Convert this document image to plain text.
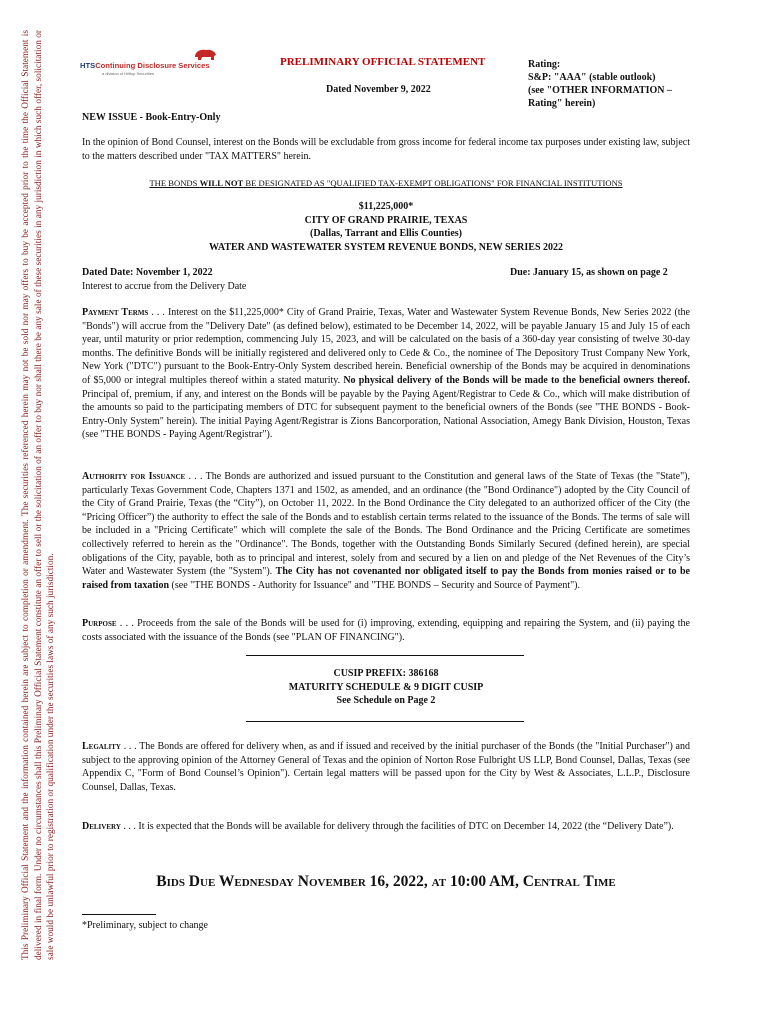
This Preliminary Official Statement and the information contained herein are subject to completion or amendment. The securities referenced herein may not be sold nor may offers to buy be accepted prior to the time the Official Statement is delivered in final form. Under no circumstances shall this Preliminary Official Statement constitute an offer to sell or the solicitation of an offer to buy nor shall there be any sale of these securities in any jurisdiction in which such offer, solicitation or sale would be unlawful prior to registration or qualification under the securities laws of any such jurisdiction.
HTSContinuing Disclosure Services
a division of Hilltop Securities
PRELIMINARY OFFICIAL STATEMENT
Dated November 9, 2022
Rating:
S&P: "AAA" (stable outlook)
(see "OTHER INFORMATION –
Rating" herein)
NEW ISSUE - Book-Entry-Only
In the opinion of Bond Counsel, interest on the Bonds will be excludable from gross income for federal income tax purposes under existing law, subject to the matters described under "TAX MATTERS" herein.
THE BONDS WILL NOT BE DESIGNATED AS "QUALIFIED TAX-EXEMPT OBLIGATIONS" FOR FINANCIAL INSTITUTIONS
$11,225,000*
CITY OF GRAND PRAIRIE, TEXAS
(Dallas, Tarrant and Ellis Counties)
WATER AND WASTEWATER SYSTEM REVENUE BONDS, NEW SERIES 2022
Dated Date: November 1, 2022
Interest to accrue from the Delivery Date
Due: January 15, as shown on page 2
Payment Terms . . . Interest on the $11,225,000* City of Grand Prairie, Texas, Water and Wastewater System Revenue Bonds, New Series 2022 (the "Bonds") will accrue from the "Delivery Date" (as defined below), estimated to be December 14, 2022, will be payable January 15 and July 15 of each year, until maturity or prior redemption, commencing July 15, 2023, and will be calculated on the basis of a 360-day year consisting of twelve 30-day months. The definitive Bonds will be initially registered and delivered only to Cede & Co., the nominee of The Depository Trust Company New York, New York ("DTC") pursuant to the Book-Entry-Only System described herein. Beneficial ownership of the Bonds may be acquired in denominations of $5,000 or integral multiples thereof within a stated maturity. No physical delivery of the Bonds will be made to the beneficial owners thereof. Principal of, premium, if any, and interest on the Bonds will be payable by the Paying Agent/Registrar to Cede & Co., which will make distribution of the amounts so paid to the participating members of DTC for subsequent payment to the beneficial owners of the Bonds (see "THE BONDS - Book-Entry-Only System" herein). The initial Paying Agent/Registrar is Zions Bancorporation, National Association, Amegy Bank Division, Houston, Texas (see "THE BONDS - Paying Agent/Registrar").
Authority for Issuance . . . The Bonds are authorized and issued pursuant to the Constitution and general laws of the State of Texas (the "State"), particularly Texas Government Code, Chapters 1371 and 1502, as amended, and an ordinance (the "Bond Ordinance") adopted by the City Council of the City of Grand Prairie, Texas (the “City”), on October 11, 2022. In the Bond Ordinance the City delegated to an authorized officer of the City (the “Pricing Officer”) the authority to effect the sale of the Bonds and to establish certain terms related to the issuance of the Bonds. The terms of sale will be included in a "Pricing Certificate" which will complete the sale of the Bonds. The Bond Ordinance and the Pricing Certificate are sometimes collectively referred to herein as the "Ordinance". The Bonds, together with the Outstanding Bonds Similarly Secured (defined herein), are special obligations of the City, payable, both as to principal and interest, solely from and secured by a lien on and pledge of the Net Revenues of the City’s Water and Wastewater System (the "System"). The City has not covenanted nor obligated itself to pay the Bonds from monies raised or to be raised from taxation (see "THE BONDS - Authority for Issuance" and "THE BONDS – Security and Source of Payment").
Purpose . . . Proceeds from the sale of the Bonds will be used for (i) improving, extending, equipping and repairing the System, and (ii) paying the costs associated with the issuance of the Bonds (see "PLAN OF FINANCING").
CUSIP PREFIX: 386168
MATURITY SCHEDULE & 9 DIGIT CUSIP
See Schedule on Page 2
Legality . . . The Bonds are offered for delivery when, as and if issued and received by the initial purchaser of the Bonds (the "Initial Purchaser") and subject to the approving opinion of the Attorney General of Texas and the opinion of Norton Rose Fulbright US LLP, Bond Counsel, Dallas, Texas (see Appendix C, "Form of Bond Counsel’s Opinion"). Certain legal matters will be passed upon for the City by West & Associates, L.L.P., Disclosure Counsel, Dallas, Texas.
Delivery . . . It is expected that the Bonds will be available for delivery through the facilities of DTC on December 14, 2022 (the “Delivery Date”).
Bids Due Wednesday November 16, 2022, at 10:00 AM, Central Time
*Preliminary, subject to change
